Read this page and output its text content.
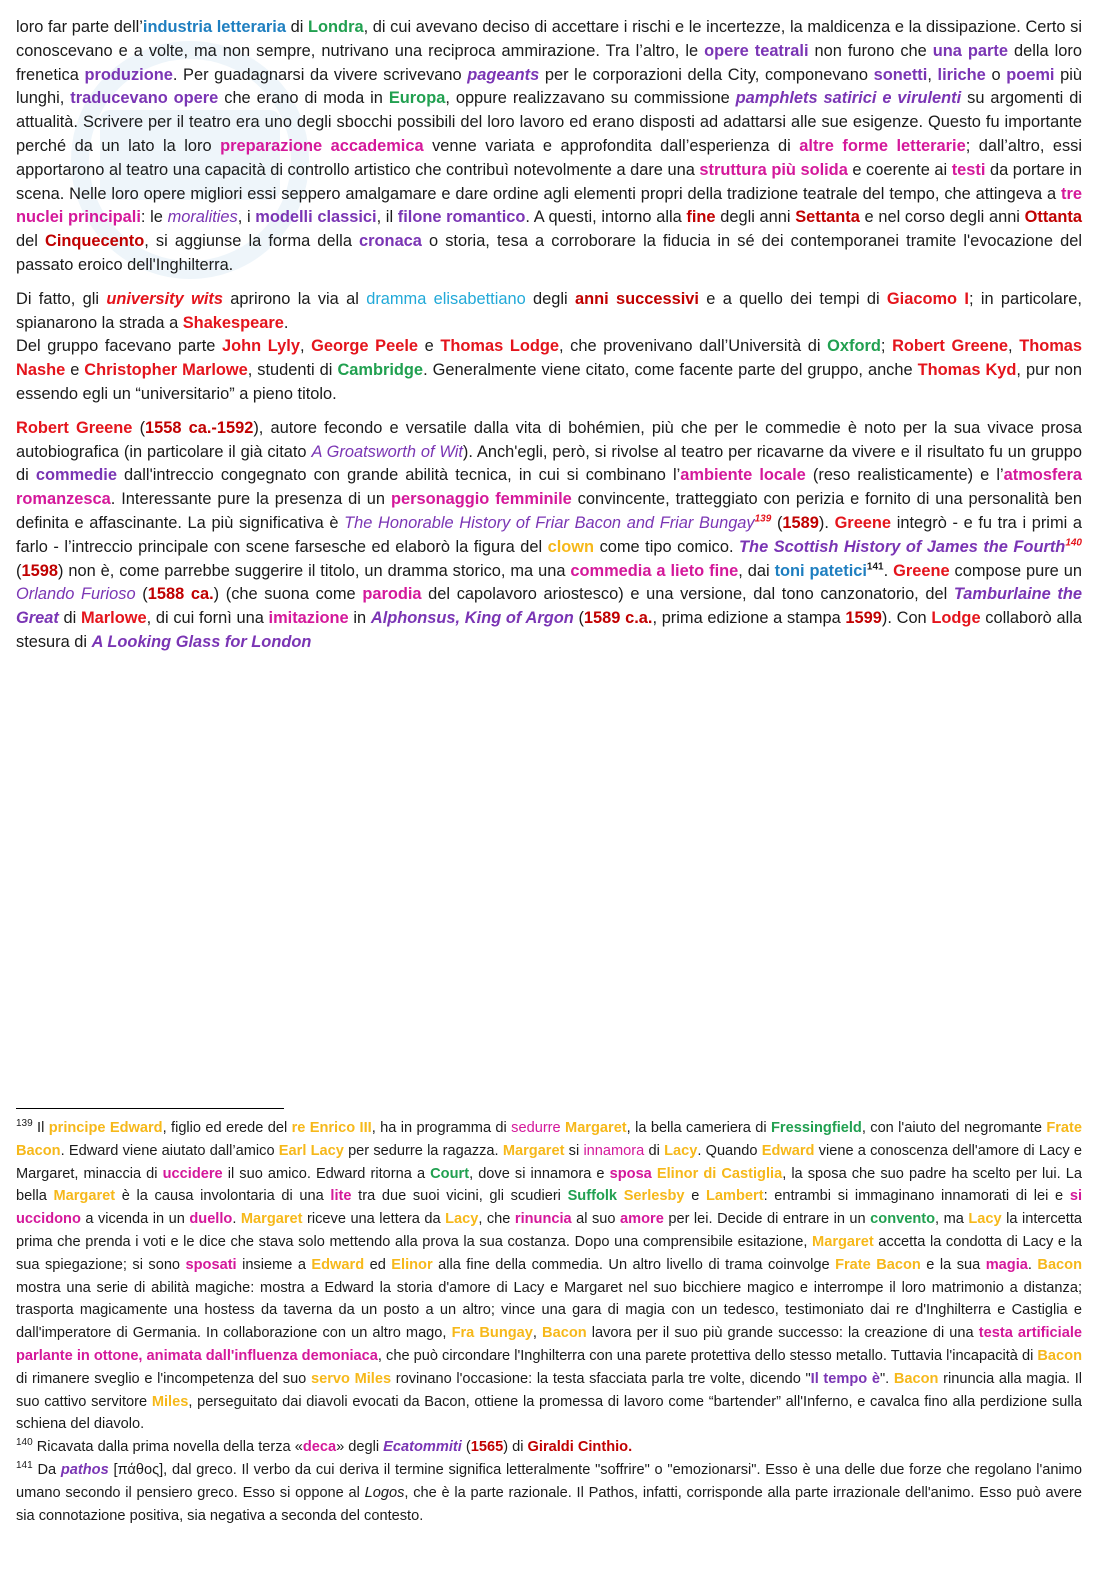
loro far parte dell’industria letteraria di Londra, di cui avevano deciso di accettare i rischi e le incertezze, la maldicenza e la dissipazione. Certo si conoscevano e a volte, ma non sempre, nutrivano una reciproca ammirazione. Tra l’altro, le opere teatrali non furono che una parte della loro frenetica produzione. Per guadagnarsi da vivere scrivevano pageants per le corporazioni della City, componevano sonetti, liriche o poemi più lunghi, traducevano opere che erano di moda in Europa, oppure realizzavano su commissione pamphlets satirici e virulenti su argomenti di attualità. Scrivere per il teatro era uno degli sbocchi possibili del loro lavoro ed erano disposti ad adattarsi alle sue esigenze. Questo fu importante perché da un lato la loro preparazione accademica venne variata e approfondita dall’esperienza di altre forme letterarie; dall’altro, essi apportarono al teatro una capacità di controllo artistico che contribuì notevolmente a dare una struttura più solida e coerente ai testi da portare in scena. Nelle loro opere migliori essi seppero amalgamare e dare ordine agli elementi propri della tradizione teatrale del tempo, che attingeva a tre nuclei principali: le moralities, i modelli classici, il filone romantico. A questi, intorno alla fine degli anni Settanta e nel corso degli anni Ottanta del Cinquecento, si aggiunse la forma della cronaca o storia, tesa a corroborare la fiducia in sé dei contemporanei tramite l'evocazione del passato eroico dell'Inghilterra.

Di fatto, gli university wits aprirono la via al dramma elisabettiano degli anni successivi e a quello dei tempi di Giacomo I; in particolare, spianarono la strada a Shakespeare.
Del gruppo facevano parte John Lyly, George Peele e Thomas Lodge, che provenivano dall’Università di Oxford; Robert Greene, Thomas Nashe e Christopher Marlowe, studenti di Cambridge. Generalmente viene citato, come facente parte del gruppo, anche Thomas Kyd, pur non essendo egli un “universitario” a pieno titolo.

Robert Greene (1558 ca.-1592), autore fecondo e versatile dalla vita di bohémien, più che per le commedie è noto per la sua vivace prosa autobiografica (in particolare il già citato A Groatsworth of Wit). Anch'egli, però, si rivolse al teatro per ricavarne da vivere e il risultato fu un gruppo di commedie dall'intreccio congegnato con grande abilità tecnica, in cui si combinano l’ambiente locale (reso realisticamente) e l’atmosfera romanzesca. Interessante pure la presenza di un personaggio femminile convincente, tratteggiato con perizia e fornito di una personalità ben definita e affascinante. La più significativa è The Honorable History of Friar Bacon and Friar Bungay$^{139}$ (1589). Greene integrò - e fu tra i primi a farlo - l’intreccio principale con scene farsesche ed elaborò la figura del clown come tipo comico. The Scottish History of James the Fourth$^{140}$ (1598) non è, come parrebbe suggerire il titolo, un dramma storico, ma una commedia a lieto fine, dai toni patetici$^{141}$. Greene compose pure un Orlando Furioso (1588 ca.) (che suona come parodia del capolavoro ariostesco) e una versione, dal tono canzonatorio, del Tamburlaine the Great di Marlowe, di cui fornì una imitazione in Alphonsus, King of Argon (1589 c.a., prima edizione a stampa 1599). Con Lodge collaborò alla stesura di A Looking Glass for London

$^{139}$ Il principe Edward, figlio ed erede del re Enrico III, ha in programma di sedurre Margaret, la bella cameriera di Fressingfield, con l'aiuto del negromante Frate Bacon. Edward viene aiutato dall’amico Earl Lacy per sedurre la ragazza. Margaret si innamora di Lacy. Quando Edward viene a conoscenza dell'amore di Lacy e Margaret, minaccia di uccidere il suo amico. Edward ritorna a Court, dove si innamora e sposa Elinor di Castiglia, la sposa che suo padre ha scelto per lui. La bella Margaret è la causa involontaria di una lite tra due suoi vicini, gli scudieri Suffolk Serlesby e Lambert: entrambi si immaginano innamorati di lei e si uccidono a vicenda in un duello. Margaret riceve una lettera da Lacy, che rinuncia al suo amore per lei. Decide di entrare in un convento, ma Lacy la intercetta prima che prenda i voti e le dice che stava solo mettendo alla prova la sua costanza. Dopo una comprensibile esitazione, Margaret accetta la condotta di Lacy e la sua spiegazione; si sono sposati insieme a Edward ed Elinor alla fine della commedia. Un altro livello di trama coinvolge Frate Bacon e la sua magia. Bacon mostra una serie di abilità magiche: mostra a Edward la storia d'amore di Lacy e Margaret nel suo bicchiere magico e interrompe il loro matrimonio a distanza; trasporta magicamente una hostess da taverna da un posto a un altro; vince una gara di magia con un tedesco, testimoniato dai re d'Inghilterra e Castiglia e dall'imperatore di Germania. In collaborazione con un altro mago, Fra Bungay, Bacon lavora per il suo più grande successo: la creazione di una testa artificiale parlante in ottone, animata dall'influenza demoniaca, che può circondare l'Inghilterra con una parete protettiva dello stesso metallo. Tuttavia l'incapacità di Bacon di rimanere sveglio e l'incompetenza del suo servo Miles rovinano l'occasione: la testa sfacciata parla tre volte, dicendo "Il tempo è". Bacon rinuncia alla magia. Il suo cattivo servitore Miles, perseguitato dai diavoli evocati da Bacon, ottiene la promessa di lavoro come “bartender” all'Inferno, e cavalca fino alla perdizione sulla schiena del diavolo.

$^{140}$ Ricavata dalla prima novella della terza «deca» degli Ecatommiti (1565) di Giraldi Cinthio.

$^{141}$ Da pathos [πάθος], dal greco. Il verbo da cui deriva il termine significa letteralmente "soffrire" o "emozionarsi". Esso è una delle due forze che regolano l'animo umano secondo il pensiero greco. Esso si oppone al Logos, che è la parte razionale. Il Pathos, infatti, corrisponde alla parte irrazionale dell'animo. Esso può avere sia connotazione positiva, sia negativa a seconda del contesto.
